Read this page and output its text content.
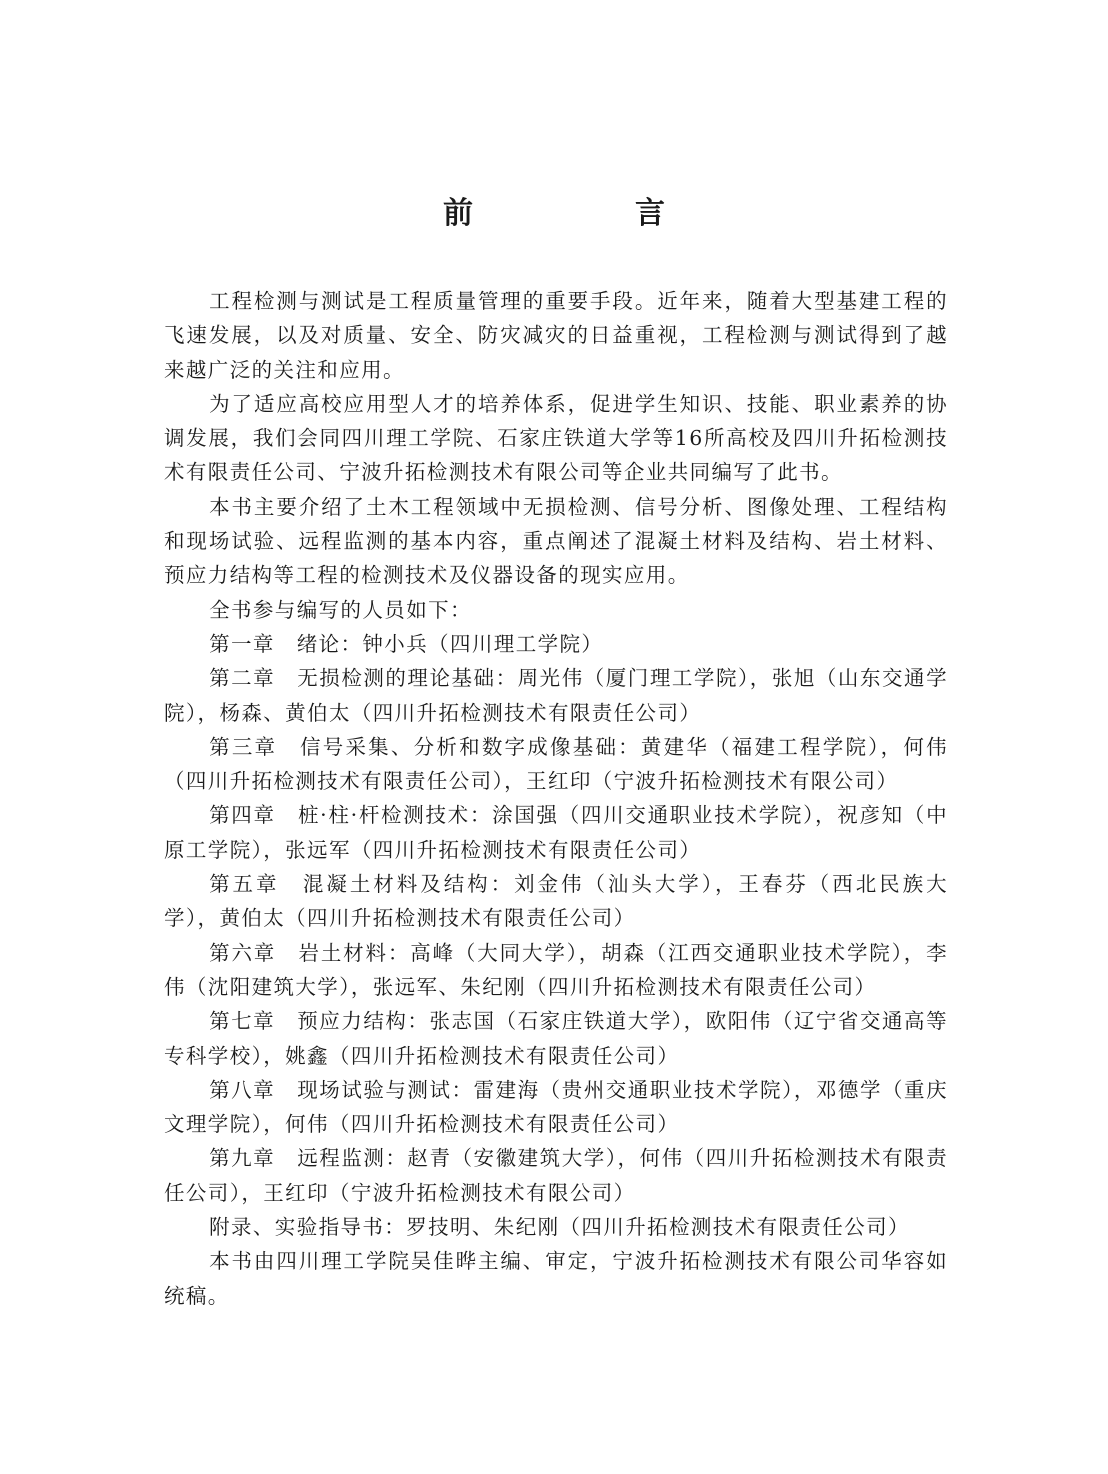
前　言

工程检测与测试是工程质量管理的重要手段。近年来，随着大型基建工程的飞速发展，以及对质量、安全、防灾减灾的日益重视，工程检测与测试得到了越来越广泛的关注和应用。

为了适应高校应用型人才的培养体系，促进学生知识、技能、职业素养的协调发展，我们会同四川理工学院、石家庄铁道大学等16所高校及四川升拓检测技术有限责任公司、宁波升拓检测技术有限公司等企业共同编写了此书。

本书主要介绍了土木工程领域中无损检测、信号分析、图像处理、工程结构和现场试验、远程监测的基本内容，重点阐述了混凝土材料及结构、岩土材料、预应力结构等工程的检测技术及仪器设备的现实应用。

全书参与编写的人员如下：

第一章　绪论：钟小兵（四川理工学院）

第二章　无损检测的理论基础：周光伟（厦门理工学院），张旭（山东交通学院），杨森、黄伯太（四川升拓检测技术有限责任公司）

第三章　信号采集、分析和数字成像基础：黄建华（福建工程学院），何伟（四川升拓检测技术有限责任公司），王红印（宁波升拓检测技术有限公司）

第四章　桩·柱·杆检测技术：涂国强（四川交通职业技术学院），祝彦知（中原工学院），张远军（四川升拓检测技术有限责任公司）

第五章　混凝土材料及结构：刘金伟（汕头大学），王春芬（西北民族大学），黄伯太（四川升拓检测技术有限责任公司）

第六章　岩土材料：高峰（大同大学），胡森（江西交通职业技术学院），李伟（沈阳建筑大学），张远军、朱纪刚（四川升拓检测技术有限责任公司）

第七章　预应力结构：张志国（石家庄铁道大学），欧阳伟（辽宁省交通高等专科学校），姚鑫（四川升拓检测技术有限责任公司）

第八章　现场试验与测试：雷建海（贵州交通职业技术学院），邓德学（重庆文理学院），何伟（四川升拓检测技术有限责任公司）

第九章　远程监测：赵青（安徽建筑大学），何伟（四川升拓检测技术有限责任公司），王红印（宁波升拓检测技术有限公司）

附录、实验指导书：罗技明、朱纪刚（四川升拓检测技术有限责任公司）

本书由四川理工学院吴佳晔主编、审定，宁波升拓检测技术有限公司华容如统稿。
